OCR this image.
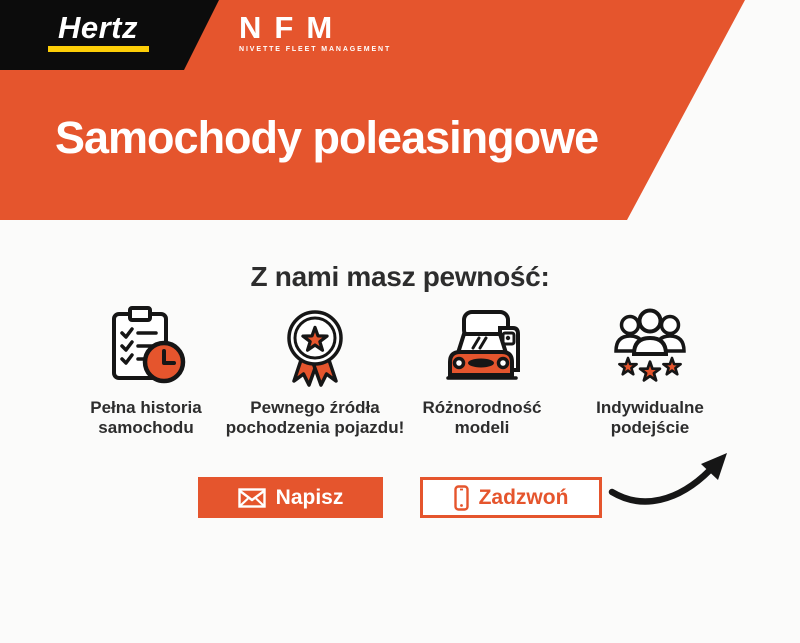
Hertz	NFM
NIVETTE FLEET MANAGEMENT
Samochody poleasingowe
Z nami masz pewność:
Pełna historia
samochodu
Pewnego źródła
pochodzenia pojazdu!
Różnorodność
modeli
Indywidualne
podejście
Napisz	Zadzwoń
